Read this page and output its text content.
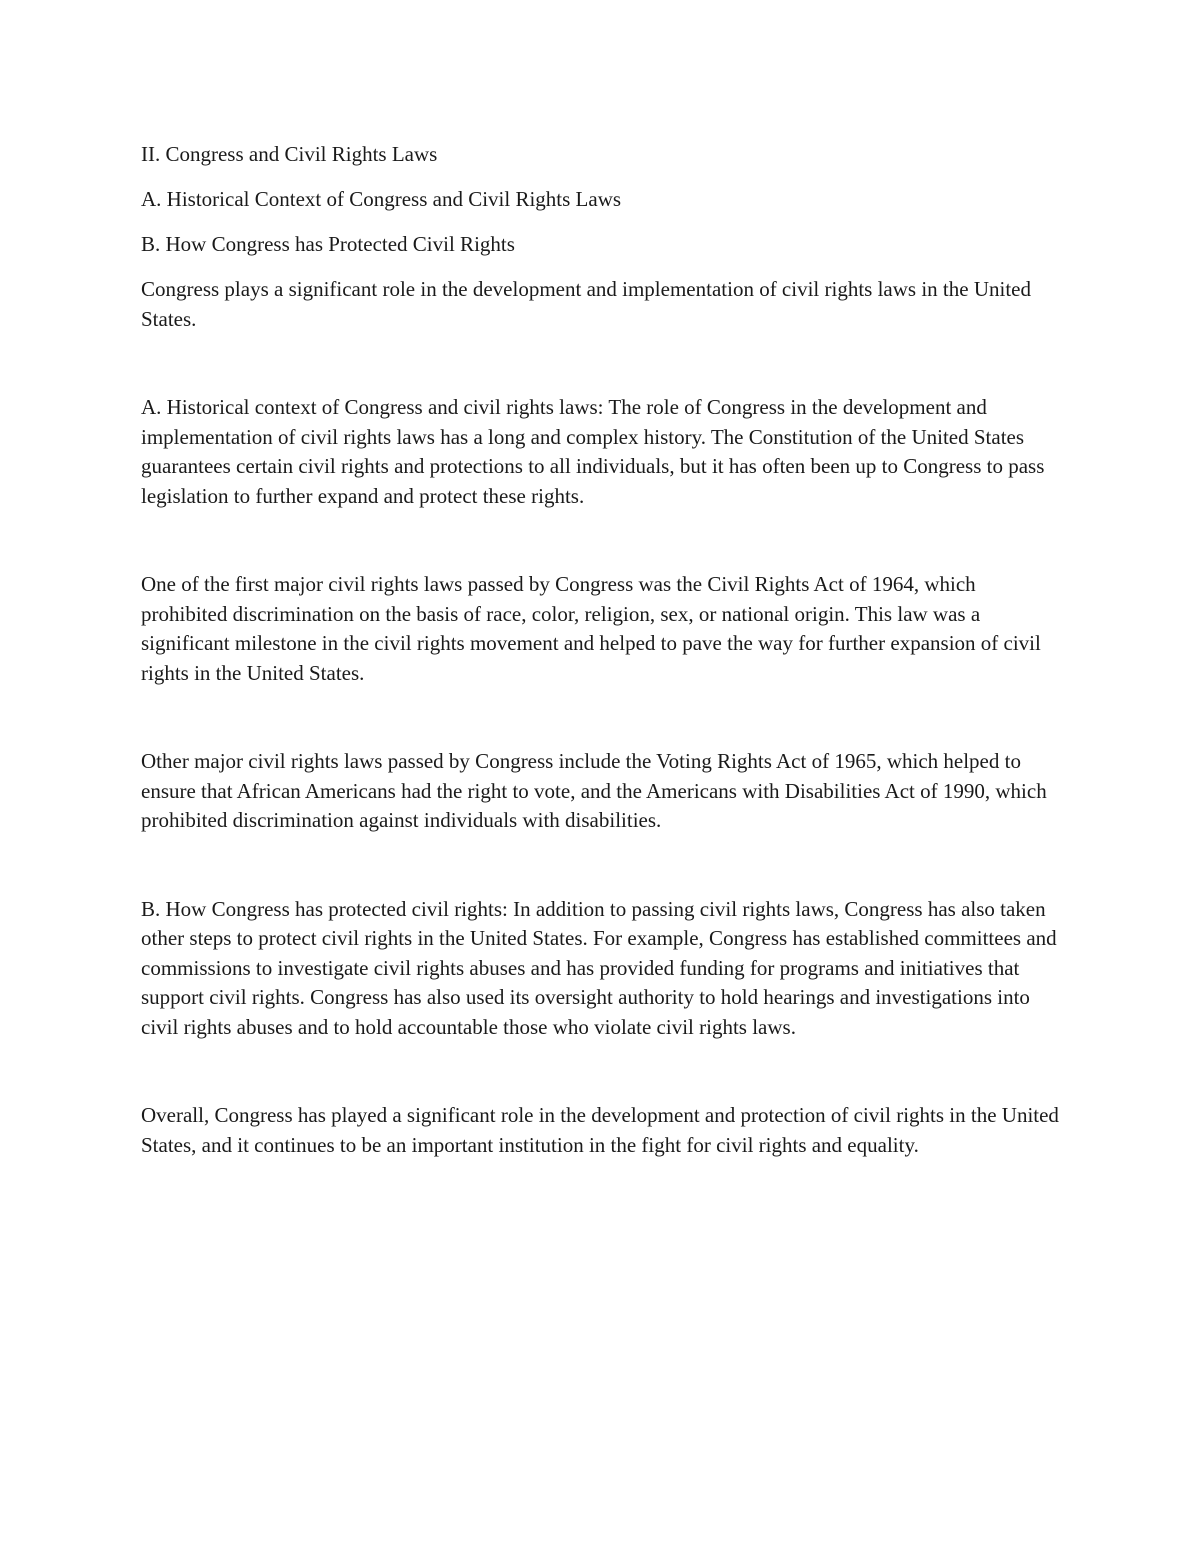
II. Congress and Civil Rights Laws

A. Historical Context of Congress and Civil Rights Laws

B. How Congress has Protected Civil Rights

Congress plays a significant role in the development and implementation of civil rights laws in the United States.

A. Historical context of Congress and civil rights laws: The role of Congress in the development and implementation of civil rights laws has a long and complex history. The Constitution of the United States guarantees certain civil rights and protections to all individuals, but it has often been up to Congress to pass legislation to further expand and protect these rights.

One of the first major civil rights laws passed by Congress was the Civil Rights Act of 1964, which prohibited discrimination on the basis of race, color, religion, sex, or national origin. This law was a significant milestone in the civil rights movement and helped to pave the way for further expansion of civil rights in the United States.

Other major civil rights laws passed by Congress include the Voting Rights Act of 1965, which helped to ensure that African Americans had the right to vote, and the Americans with Disabilities Act of 1990, which prohibited discrimination against individuals with disabilities.

B. How Congress has protected civil rights: In addition to passing civil rights laws, Congress has also taken other steps to protect civil rights in the United States. For example, Congress has established committees and commissions to investigate civil rights abuses and has provided funding for programs and initiatives that support civil rights. Congress has also used its oversight authority to hold hearings and investigations into civil rights abuses and to hold accountable those who violate civil rights laws.

Overall, Congress has played a significant role in the development and protection of civil rights in the United States, and it continues to be an important institution in the fight for civil rights and equality.
